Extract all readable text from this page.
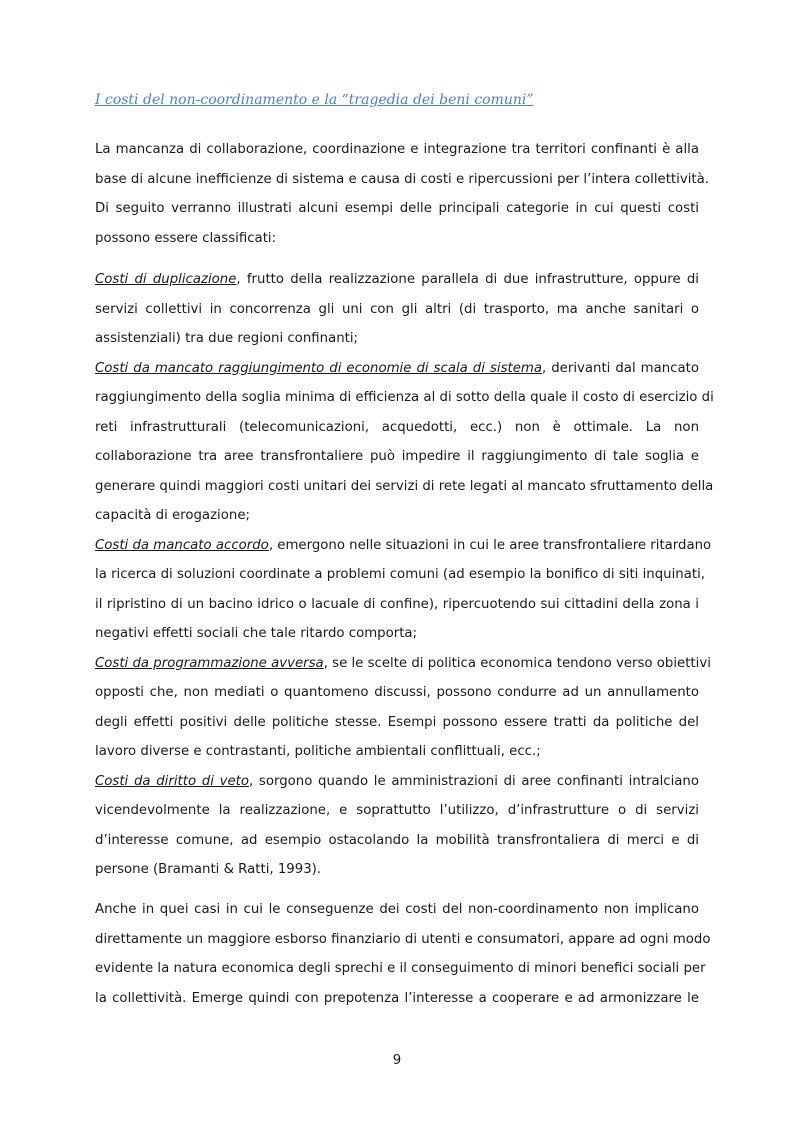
I costi del non-coordinamento e la “tragedia dei beni comuni”
La mancanza di collaborazione, coordinazione e integrazione tra territori confinanti è alla
base di alcune inefficienze di sistema e causa di costi e ripercussioni per l’intera collettività.
Di seguito verranno illustrati alcuni esempi delle principali categorie in cui questi costi
possono essere classificati:
Costi di duplicazione, frutto della realizzazione parallela di due infrastrutture, oppure di
servizi collettivi in concorrenza gli uni con gli altri (di trasporto, ma anche sanitari o
assistenziali) tra due regioni confinanti;
Costi da mancato raggiungimento di economie di scala di sistema, derivanti dal mancato
raggiungimento della soglia minima di efficienza al di sotto della quale il costo di esercizio di
reti infrastrutturali (telecomunicazioni, acquedotti, ecc.) non è ottimale. La non
collaborazione tra aree transfrontaliere può impedire il raggiungimento di tale soglia e
generare quindi maggiori costi unitari dei servizi di rete legati al mancato sfruttamento della
capacità di erogazione;
Costi da mancato accordo, emergono nelle situazioni in cui le aree transfrontaliere ritardano
la ricerca di soluzioni coordinate a problemi comuni (ad esempio la bonifico di siti inquinati,
il ripristino di un bacino idrico o lacuale di confine), ripercuotendo sui cittadini della zona i
negativi effetti sociali che tale ritardo comporta;
Costi da programmazione avversa, se le scelte di politica economica tendono verso obiettivi
opposti che, non mediati o quantomeno discussi, possono condurre ad un annullamento
degli effetti positivi delle politiche stesse. Esempi possono essere tratti da politiche del
lavoro diverse e contrastanti, politiche ambientali conflittuali, ecc.;
Costi da diritto di veto, sorgono quando le amministrazioni di aree confinanti intralciano
vicendevolmente la realizzazione, e soprattutto l’utilizzo, d’infrastrutture o di servizi
d’interesse comune, ad esempio ostacolando la mobilità transfrontaliera di merci e di
persone (Bramanti & Ratti, 1993).
Anche in quei casi in cui le conseguenze dei costi del non-coordinamento non implicano
direttamente un maggiore esborso finanziario di utenti e consumatori, appare ad ogni modo
evidente la natura economica degli sprechi e il conseguimento di minori benefici sociali per
la collettività. Emerge quindi con prepotenza l’interesse a cooperare e ad armonizzare le
9
